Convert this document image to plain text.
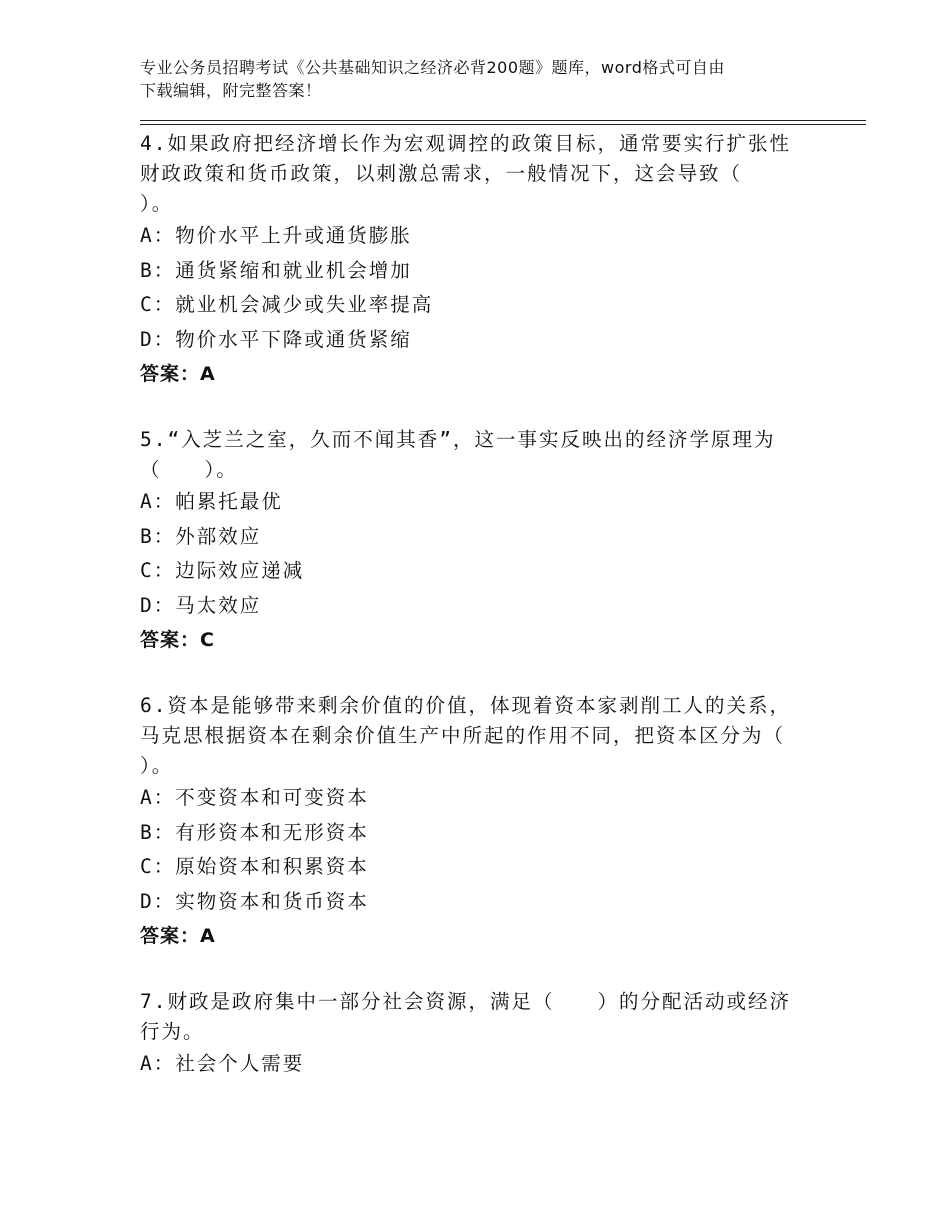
专业公务员招聘考试《公共基础知识之经济必背200题》题库，word格式可自由
下载编辑，附完整答案！

4.如果政府把经济增长作为宏观调控的政策目标，通常要实行扩张性

财政政策和货币政策，以刺激总需求，一般情况下，这会导致（

）。

A：物价水平上升或通货膨胀

B：通货紧缩和就业机会增加

C：就业机会减少或失业率提高

D：物价水平下降或通货紧缩

答案：A

5.“入芝兰之室，久而不闻其香”，这一事实反映出的经济学原理为

（　　）。

A：帕累托最优

B：外部效应

C：边际效应递减

D：马太效应

答案：C

6.资本是能够带来剩余价值的价值，体现着资本家剥削工人的关系，

马克思根据资本在剩余价值生产中所起的作用不同，把资本区分为（

）。

A：不变资本和可变资本

B：有形资本和无形资本

C：原始资本和积累资本

D：实物资本和货币资本

答案：A

7.财政是政府集中一部分社会资源，满足（　　）的分配活动或经济

行为。

A：社会个人需要
